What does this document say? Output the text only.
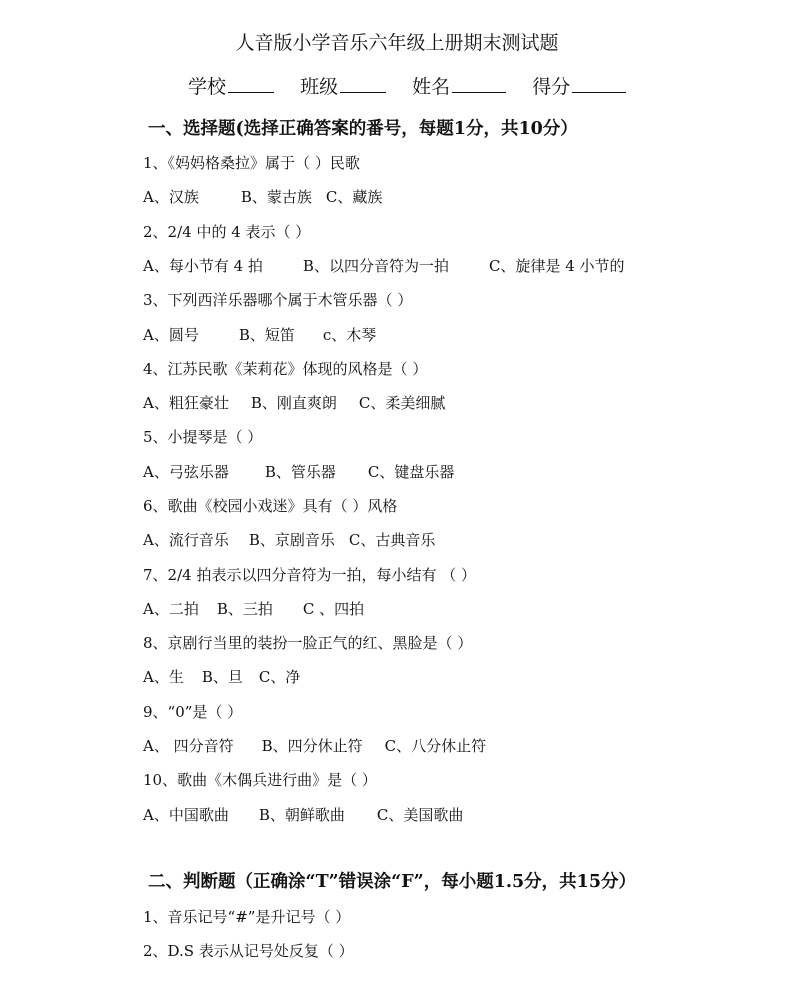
人音版小学音乐六年级上册期末测试题
学校	班级	姓名	得分
一、选择题(选择正确答案的番号，每题1分，共10分）
1、《妈妈格桑拉》属于（ ）民歌
A、汉族	B、蒙古族 C、藏族
2、2/4 中的 4 表示（ ）
A、每小节有 4 拍	B、以四分音符为一拍	C、旋律是 4 小节的
3、下列西洋乐器哪个属于木管乐器（ ）
A、圆号	B、短笛 c、木琴
4、江苏民歌《茉莉花》体现的风格是（ ）
A、粗狂豪壮 B、刚直爽朗 C、柔美细腻
5、小提琴是（ ）
A、弓弦乐器 B、管乐器 C、键盘乐器
6、歌曲《校园小戏迷》具有（ ）风格
A、流行音乐 B、京剧音乐 C、古典音乐
7、2/4 拍表示以四分音符为一拍，每小结有 （ ）
A、二拍 B、三拍 C 、四拍
8、京剧行当里的装扮一脸正气的红、黑脸是（ ）
A、生 B、旦 C、净
9、“0”是（ ）
A、 四分音符 B、四分休止符 C、八分休止符
10、歌曲《木偶兵进行曲》是（ ）
A、中国歌曲 B、朝鲜歌曲 C、美国歌曲
二、判断题（正确涂“T”错误涂“F”，每小题1.5分，共15分）
1、音乐记号“#”是升记号（ ）
2、D.S 表示从记号处反复（ ）
